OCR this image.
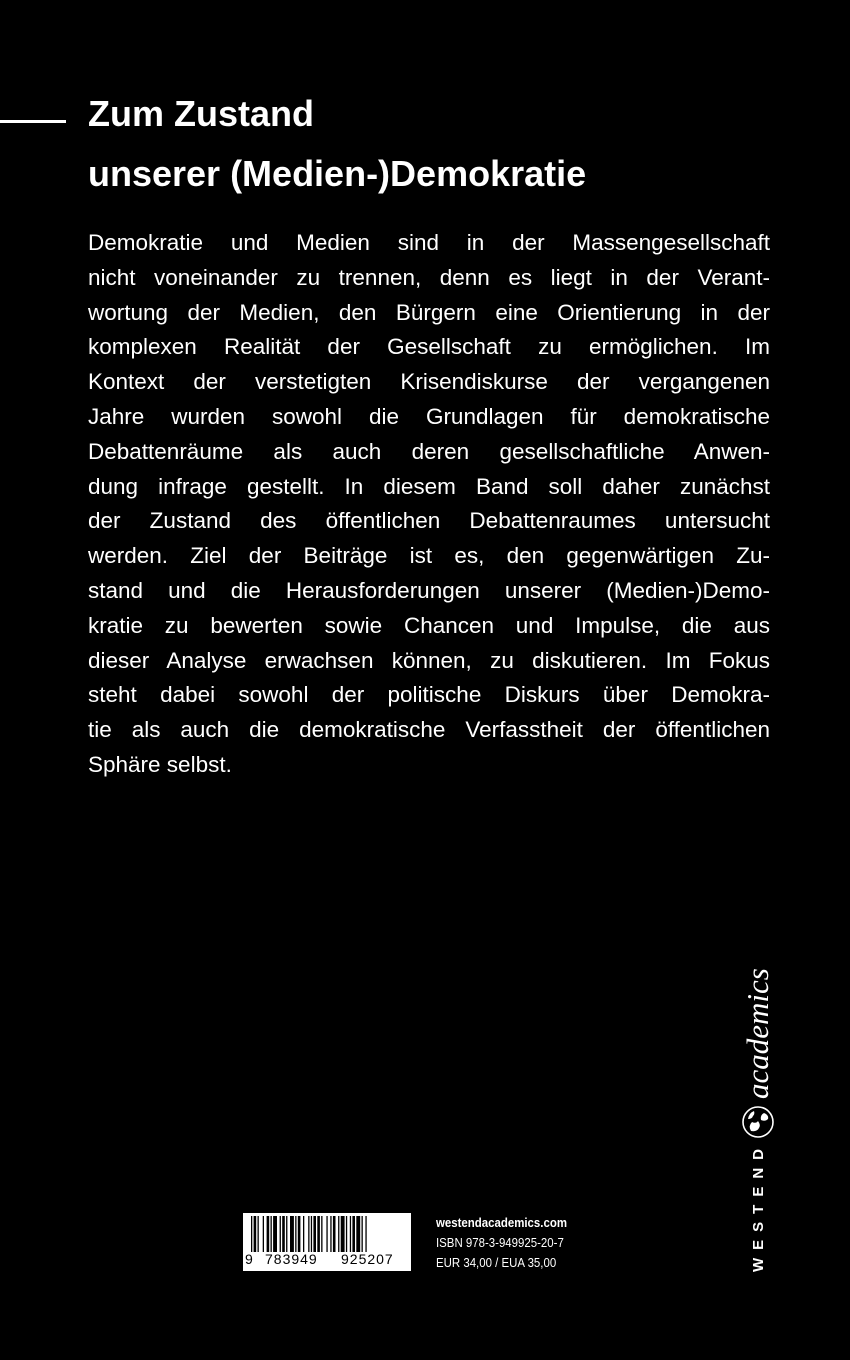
Zum Zustand
unserer (Medien-)Demokratie
Demokratie und Medien sind in der Massengesellschaft
nicht voneinander zu trennen, denn es liegt in der Verant-
wortung der Medien, den Bürgern eine Orientierung in der
komplexen Realität der Gesellschaft zu ermöglichen. Im
Kontext der verstetigten Krisendiskurse der vergangenen
Jahre wurden sowohl die Grundlagen für demokratische
Debattenräume als auch deren gesellschaftliche Anwen-
dung infrage gestellt. In diesem Band soll daher zunächst
der Zustand des öffentlichen Debattenraumes untersucht
werden. Ziel der Beiträge ist es, den gegenwärtigen Zu-
stand und die Herausforderungen unserer (Medien-)Demo-
kratie zu bewerten sowie Chancen und Impulse, die aus
dieser Analyse erwachsen können, zu diskutieren. Im Fokus
steht dabei sowohl der politische Diskurs über Demokra-
tie als auch die demokratische Verfasstheit der öffentlichen
Sphäre selbst.
WESTEND
academics
9 783949 925207
westendacademics.com
ISBN 978-3-949925-20-7
EUR 34,00 / EUA 35,00
